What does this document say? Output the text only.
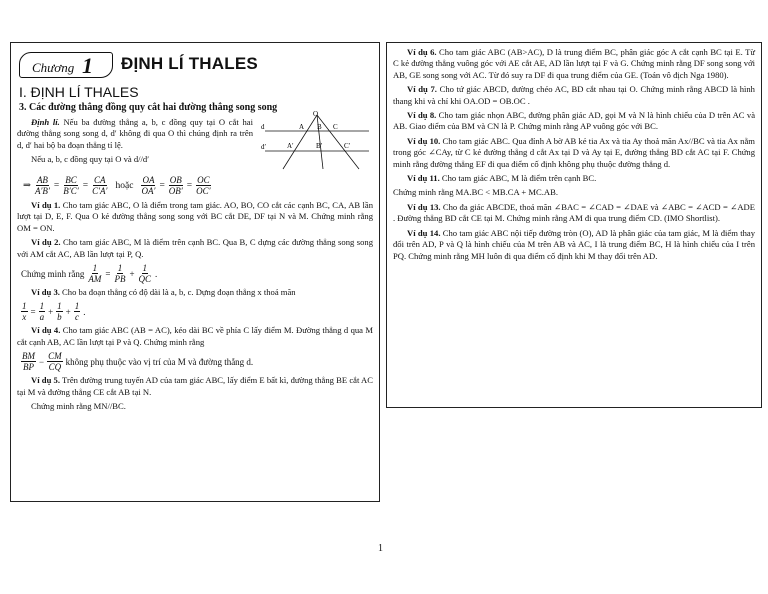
Chương 1 ĐỊNH LÍ THALES
I. ĐỊNH LÍ THALES
3. Các đường thẳng đồng quy cắt hai đường thẳng song song

Định lí. Nếu ba đường thẳng a, b, c đồng quy tại O cắt hai đường thẳng song song d, d′ không đi qua O thì chúng định ra trên d, d′ hai bộ ba đoạn thẳng tỉ lệ.

Nếu a, b, c đồng quy tại O và d//d′

O
d
d′
A B C
A′	B′	C′
⇒ $\frac{AB}{A'B'} = \frac{BC}{B'C'} = \frac{CA}{C'A'}$ hoặc $\frac{OA}{OA'} = \frac{OB}{OB'} = \frac{OC}{OC'}$

Ví dụ 1. Cho tam giác ABC, O là điểm trong tam giác. AO, BO, CO cắt các cạnh BC, CA, AB lần lượt tại D, E, F. Qua O kẻ đường thẳng song song với BC cắt DE, DF tại N và M. Chứng minh rằng OM = ON.

Ví dụ 2. Cho tam giác ABC, M là điểm trên cạnh BC. Qua B, C dựng các đường thẳng song song với AM cắt AC, AB lần lượt tại P, Q.

Chứng minh rằng $\frac{1}{AM} = \frac{1}{PB} + \frac{1}{QC}$ .

Ví dụ 3. Cho ba đoạn thẳng có độ dài là a, b, c. Dựng đoạn thẳng x thoả mãn

$\frac{1}{x} = \frac{1}{a} + \frac{1}{b} + \frac{1}{c}$ .

Ví dụ 4. Cho tam giác ABC (AB = AC), kéo dài BC về phía C lấy điểm M. Đường thẳng d qua M cắt cạnh AB, AC lần lượt tại P và Q. Chứng minh rằng

$\frac{BM}{BP} - \frac{CM}{CQ}$ không phụ thuộc vào vị trí của M và đường thẳng d.

Ví dụ 5. Trên đường trung tuyến AD của tam giác ABC, lấy điểm E bất kì, đường thẳng BE cắt AC tại M và đường thẳng CE cắt AB tại N.

Chứng minh rằng MN//BC.

Ví dụ 6. Cho tam giác ABC (AB>AC), D là trung điểm BC, phân giác góc A cắt cạnh BC tại E. Từ C kẻ đường thẳng vuông góc với AE cắt AE, AD lần lượt tại F và G. Chứng minh rằng DF song song với AB, GE song song với AC. Từ đó suy ra DF đi qua trung điểm của GE. (Toán vô địch Nga 1980).

Ví dụ 7. Cho tứ giác ABCD, đường chéo AC, BD cắt nhau tại O. Chứng minh rằng ABCD là hình thang khi và chỉ khi OA.OD = OB.OC .

Ví dụ 8. Cho tam giác nhọn ABC, đường phân giác AD, gọi M và N là hình chiếu của D trên AC và AB. Giao điểm của BM và CN là P. Chứng minh rằng AP vuông góc với BC.

Ví dụ 10. Cho tam giác ABC. Qua đỉnh A bờ AB kẻ tia Ax và tia Ay thoả mãn Ax//BC và tia Ax nằm trong góc ∠CAy, từ C kẻ đường thẳng d cắt Ax tại D và Ay tại E, đường thẳng BD cắt AC tại F. Chứng minh rằng đường thẳng EF đi qua điểm cố định không phụ thuộc đường thẳng d.

Ví dụ 11. Cho tam giác ABC, M là điểm trên cạnh BC.

Chứng minh rằng MA.BC < MB.CA + MC.AB.

Ví dụ 13. Cho đa giác ABCDE, thoả mãn ∠BAC = ∠CAD = ∠DAE và ∠ABC = ∠ACD = ∠ADE . Đường thẳng BD cắt CE tại M. Chứng minh rằng AM đi qua trung điểm CD. (IMO Shortlist).

Ví dụ 14. Cho tam giác ABC nội tiếp đường tròn (O), AD là phân giác của tam giác, M là điểm thay đổi trên AD, P và Q là hình chiếu của M trên AB và AC, I là trung điểm BC, H là hình chiếu của I trên PQ. Chứng minh rằng MH luôn đi qua điểm cố định khi M thay đổi trên AD.

1
